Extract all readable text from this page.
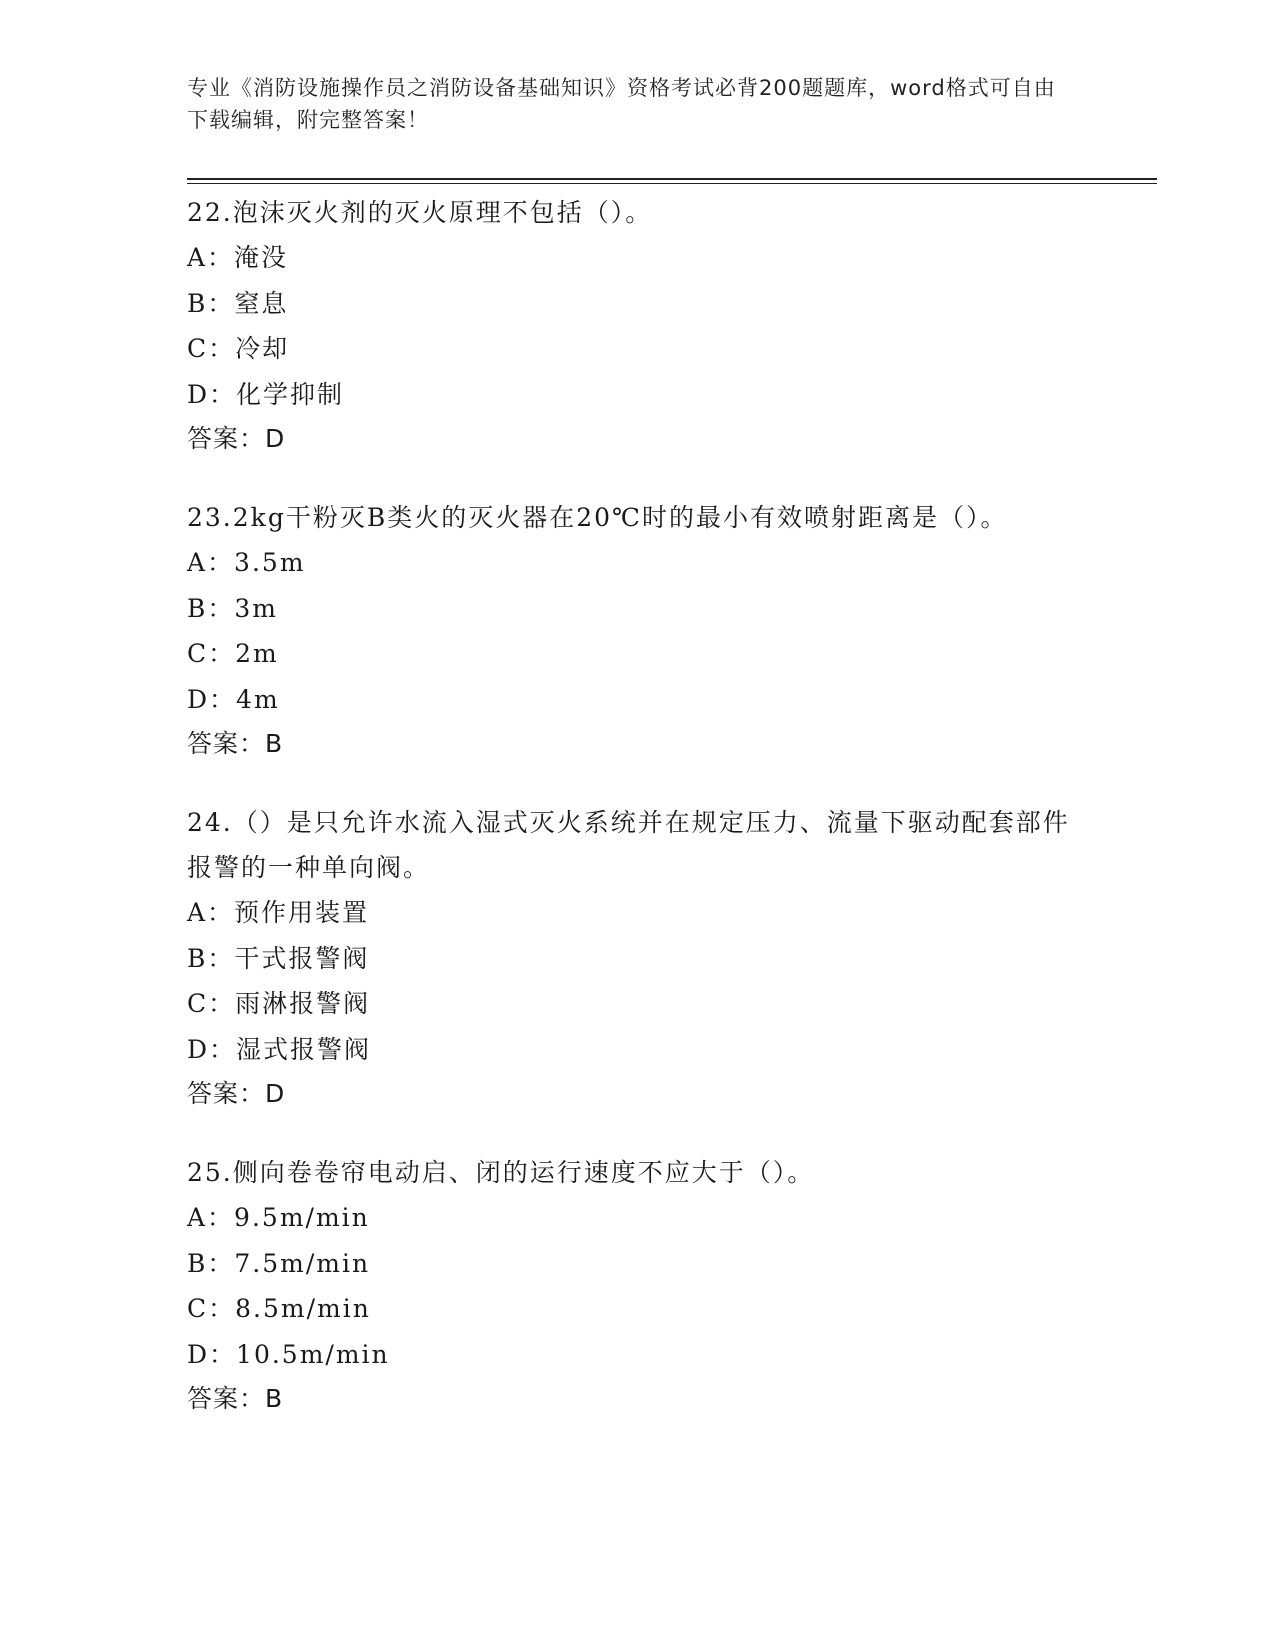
专业《消防设施操作员之消防设备基础知识》资格考试必背200题题库，word格式可自由下载编辑，附完整答案！

22.泡沫灭火剂的灭火原理不包括（）。

A：淹没

B：窒息

C：冷却

D：化学抑制

答案：D

23.2kg干粉灭B类火的灭火器在20℃时的最小有效喷射距离是（）。

A：3.5m

B：3m

C：2m

D：4m

答案：B

24.（）是只允许水流入湿式灭火系统并在规定压力、流量下驱动配套部件报警的一种单向阀。

A：预作用装置

B：干式报警阀

C：雨淋报警阀

D：湿式报警阀

答案：D

25.侧向卷卷帘电动启、闭的运行速度不应大于（）。

A：9.5m/min

B：7.5m/min

C：8.5m/min

D：10.5m/min

答案：B
